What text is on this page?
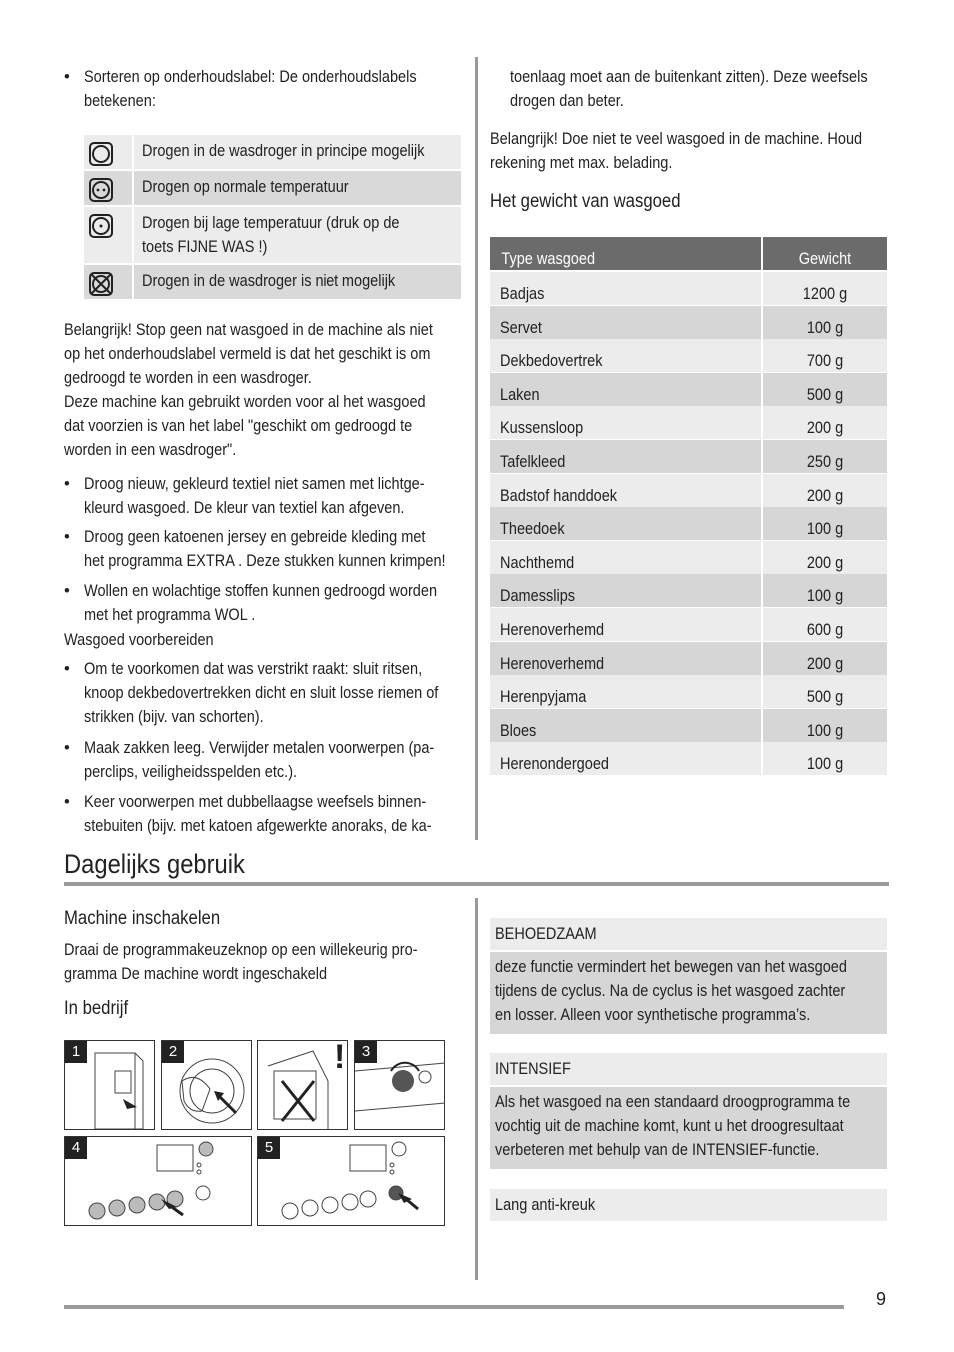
• Sorteren op onderhoudslabel: De onderhoudslabels
betekenen:
Drogen in de wasdroger in principe mogelijk
Drogen op normale temperatuur
Drogen bij lage temperatuur (druk op de
toets FIJNE WAS !)
Drogen in de wasdroger is niet mogelijk
Belangrijk! Stop geen nat wasgoed in de machine als niet
op het onderhoudslabel vermeld is dat het geschikt is om
gedroogd te worden in een wasdroger.
Deze machine kan gebruikt worden voor al het wasgoed
dat voorzien is van het label "geschikt om gedroogd te
worden in een wasdroger".
• Droog nieuw, gekleurd textiel niet samen met lichtge-
kleurd wasgoed. De kleur van textiel kan afgeven.
• Droog geen katoenen jersey en gebreide kleding met
het programma EXTRA . Deze stukken kunnen krimpen!
• Wollen en wolachtige stoffen kunnen gedroogd worden
met het programma WOL .
Wasgoed voorbereiden
• Om te voorkomen dat was verstrikt raakt: sluit ritsen,
knoop dekbedovertrekken dicht en sluit losse riemen of
strikken (bijv. van schorten).
• Maak zakken leeg. Verwijder metalen voorwerpen (pa-
perclips, veiligheidsspelden etc.).
• Keer voorwerpen met dubbellaagse weefsels binnen-
stebuiten (bijv. met katoen afgewerkte anoraks, de ka-
toenlaag moet aan de buitenkant zitten). Deze weefsels
drogen dan beter.
Belangrijk! Doe niet te veel wasgoed in de machine. Houd
rekening met max. belading.
Het gewicht van wasgoed
Type wasgoed	Gewicht
Badjas	1200 g
Servet	100 g
Dekbedovertrek	700 g
Laken	500 g
Kussensloop	200 g
Tafelkleed	250 g
Badstof handdoek	200 g
Theedoek	100 g
Nachthemd	200 g
Damesslips	100 g
Herenoverhemd	600 g
Herenoverhemd	200 g
Herenpyjama	500 g
Bloes	100 g
Herenondergoed	100 g
Dagelijks gebruik
Machine inschakelen
Draai de programmakeuzeknop op een willekeurig pro-
gramma De machine wordt ingeschakeld
In bedrijf
1	2	!	3
4	5
BEHOEDZAAM
deze functie vermindert het bewegen van het wasgoed
tijdens de cyclus. Na de cyclus is het wasgoed zachter
en losser. Alleen voor synthetische programma’s.
INTENSIEF
Als het wasgoed na een standaard droogprogramma te
vochtig uit de machine komt, kunt u het droogresultaat
verbeteren met behulp van de INTENSIEF-functie.
Lang anti-kreuk
9
